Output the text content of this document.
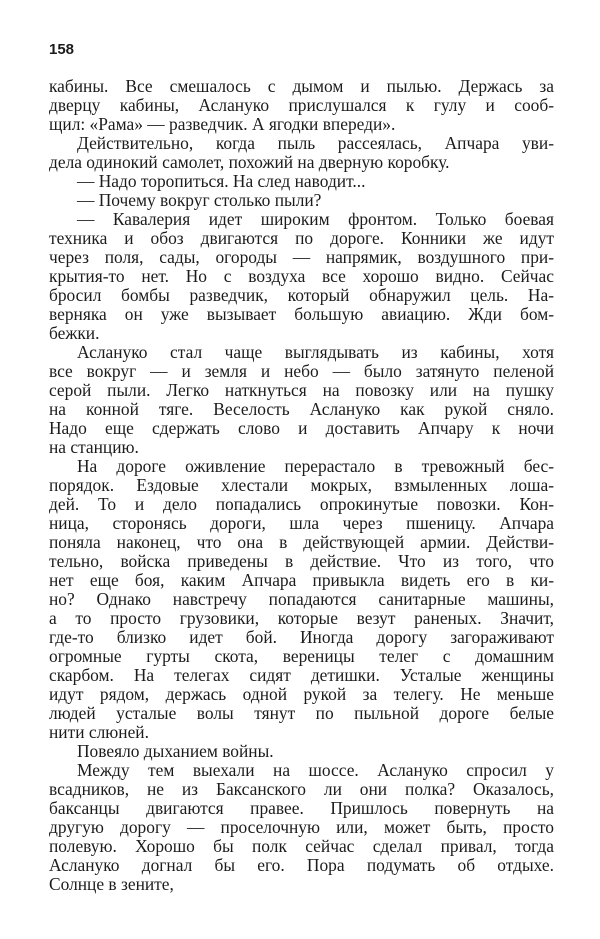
158
кабины. Все смешалось с дымом и пылью. Держась за
дверцу кабины, Аслануко прислушался к гулу и сооб-
щил: «Рама» — разведчик. А ягодки впереди».
Действительно, когда пыль рассеялась, Апчара уви-
дела одинокий самолет, похожий на дверную коробку.
— Надо торопиться. На след наводит...
— Почему вокруг столько пыли?
— Кавалерия идет широким фронтом. Только боевая
техника и обоз двигаются по дороге. Конники же идут
через поля, сады, огороды — напрямик, воздушного при-
крытия-то нет. Но с воздуха все хорошо видно. Сейчас
бросил бомбы разведчик, который обнаружил цель. На-
верняка он уже вызывает большую авиацию. Жди бом-
бежки.
Аслануко стал чаще выглядывать из кабины, хотя
все вокруг — и земля и небо — было затянуто пеленой
серой пыли. Легко наткнуться на повозку или на пушку
на конной тяге. Веселость Аслануко как рукой сняло.
Надо еще сдержать слово и доставить Апчару к ночи
на станцию.
На дороге оживление перерастало в тревожный бес-
порядок. Ездовые хлестали мокрых, взмыленных лоша-
дей. То и дело попадались опрокинутые повозки. Кон-
ница, сторонясь дороги, шла через пшеницу. Апчара
поняла наконец, что она в действующей армии. Действи-
тельно, войска приведены в действие. Что из того, что
нет еще боя, каким Апчара привыкла видеть его в ки-
но? Однако навстречу попадаются санитарные машины,
а то просто грузовики, которые везут раненых. Значит,
где-то близко идет бой. Иногда дорогу загораживают
огромные гурты скота, вереницы телег с домашним
скарбом. На телегах сидят детишки. Усталые женщины
идут рядом, держась одной рукой за телегу. Не меньше
людей усталые волы тянут по пыльной дороге белые
нити слюней.
Повеяло дыханием войны.
Между тем выехали на шоссе. Аслануко спросил у
всадников, не из Баксанского ли они полка? Оказалось,
баксанцы двигаются правее. Пришлось повернуть на
другую дорогу — проселочную или, может быть, просто
полевую. Хорошо бы полк сейчас сделал привал, тогда
Аслануко догнал бы его. Пора подумать об отдыхе.
Солнце в зените,
